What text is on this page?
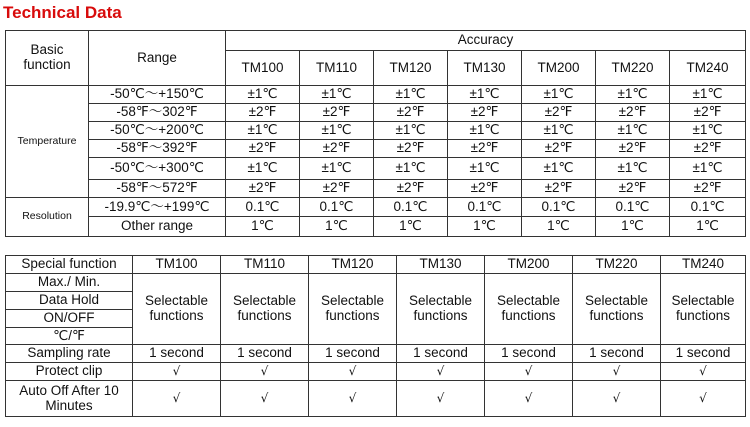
Technical Data
Basic function	Range	Accuracy						
		TM100	TM110	TM120	TM130	TM200	TM220	TM240
Temperature	-50℃～+150℃	±1℃	±1℃	±1℃	±1℃	±1℃	±1℃	±1℃
	-58℉～302℉	±2℉	±2℉	±2℉	±2℉	±2℉	±2℉	±2℉
	-50℃～+200℃	±1℃	±1℃	±1℃	±1℃	±1℃	±1℃	±1℃
	-58℉～392℉	±2℉	±2℉	±2℉	±2℉	±2℉	±2℉	±2℉
	-50℃～+300℃	±1℃	±1℃	±1℃	±1℃	±1℃	±1℃	±1℃
	-58℉～572℉	±2℉	±2℉	±2℉	±2℉	±2℉	±2℉	±2℉
Resolution	-19.9℃～+199℃	0.1℃	0.1℃	0.1℃	0.1℃	0.1℃	0.1℃	0.1℃
	Other range	1℃	1℃	1℃	1℃	1℃	1℃	1℃
Special function	TM100	TM110	TM120	TM130	TM200	TM220	TM240
Max./ Min.	Selectable functions	Selectable functions	Selectable functions	Selectable functions	Selectable functions	Selectable functions	Selectable functions
Data Hold							
ON/OFF							
℃/℉							
Sampling rate	1 second	1 second	1 second	1 second	1 second	1 second	1 second
Protect clip	√	√	√	√	√	√	√
Auto Off After 10 Minutes	√	√	√	√	√	√	√
